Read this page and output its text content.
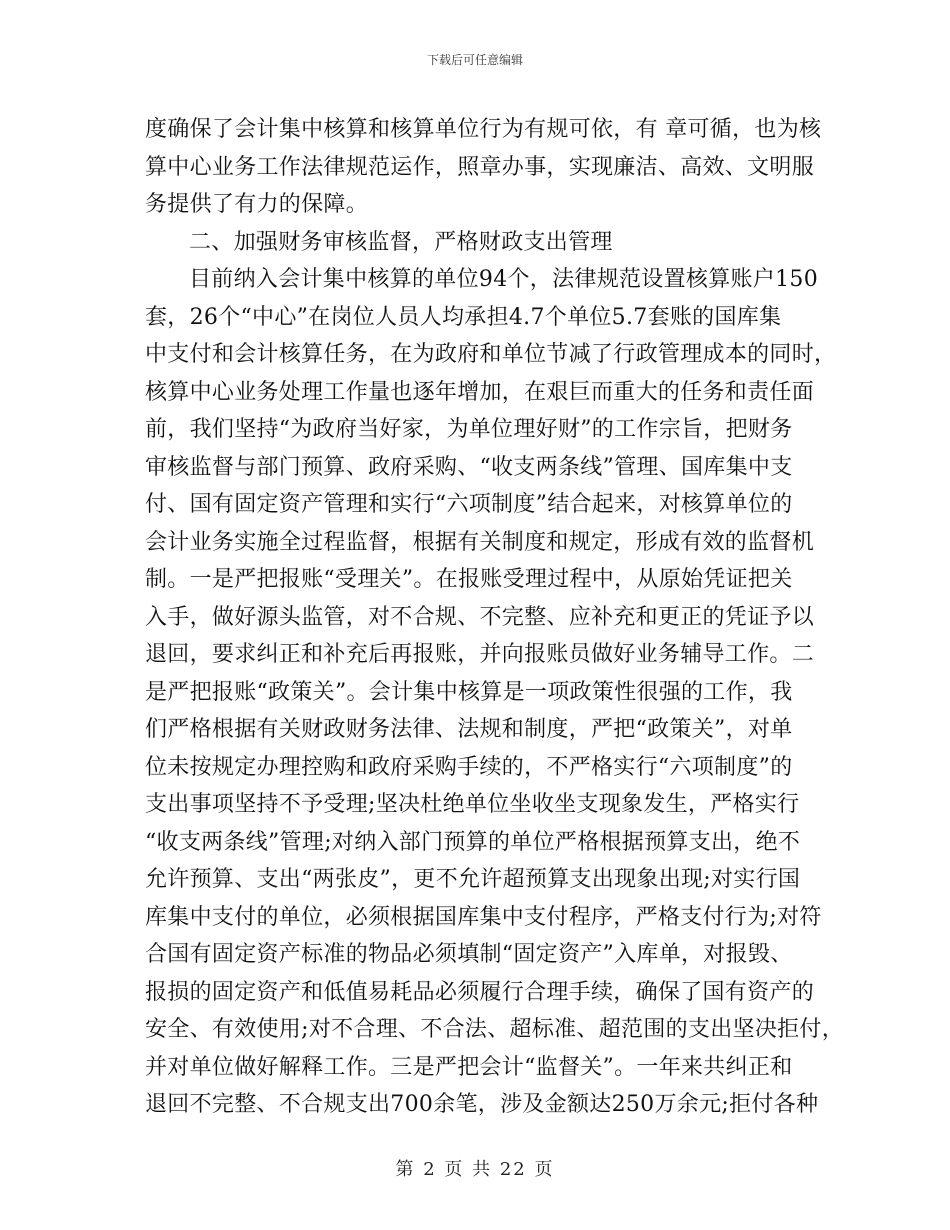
下载后可任意编辑
度确保了会计集中核算和核算单位行为有规可依，有 章可循，也为核
算中心业务工作法律规范运作，照章办事，实现廉洁、高效、文明服
务提供了有力的保障。
二、加强财务审核监督，严格财政支出管理
目前纳入会计集中核算的单位94个，法律规范设置核算账户150
套，26个“中心”在岗位人员人均承担4.7个单位5.7套账的国库集
中支付和会计核算任务，在为政府和单位节减了行政管理成本的同时，
核算中心业务处理工作量也逐年增加，在艰巨而重大的任务和责任面
前，我们坚持“为政府当好家，为单位理好财”的工作宗旨，把财务
审核监督与部门预算、政府采购、“收支两条线”管理、国库集中支
付、国有固定资产管理和实行“六项制度”结合起来，对核算单位的
会计业务实施全过程监督，根据有关制度和规定，形成有效的监督机
制。一是严把报账“受理关”。在报账受理过程中，从原始凭证把关
入手，做好源头监管，对不合规、不完整、应补充和更正的凭证予以
退回，要求纠正和补充后再报账，并向报账员做好业务辅导工作。二
是严把报账“政策关”。会计集中核算是一项政策性很强的工作，我
们严格根据有关财政财务法律、法规和制度，严把“政策关”，对单
位未按规定办理控购和政府采购手续的，不严格实行“六项制度”的
支出事项坚持不予受理;坚决杜绝单位坐收坐支现象发生，严格实行
“收支两条线”管理;对纳入部门预算的单位严格根据预算支出，绝不
允许预算、支出“两张皮”，更不允许超预算支出现象出现;对实行国
库集中支付的单位，必须根据国库集中支付程序，严格支付行为;对符
合国有固定资产标准的物品必须填制“固定资产”入库单，对报毁、
报损的固定资产和低值易耗品必须履行合理手续，确保了国有资产的
安全、有效使用;对不合理、不合法、超标准、超范围的支出坚决拒付，
并对单位做好解释工作。三是严把会计“监督关”。一年来共纠正和
退回不完整、不合规支出700余笔，涉及金额达250万余元;拒付各种
第 2 页 共 22 页
